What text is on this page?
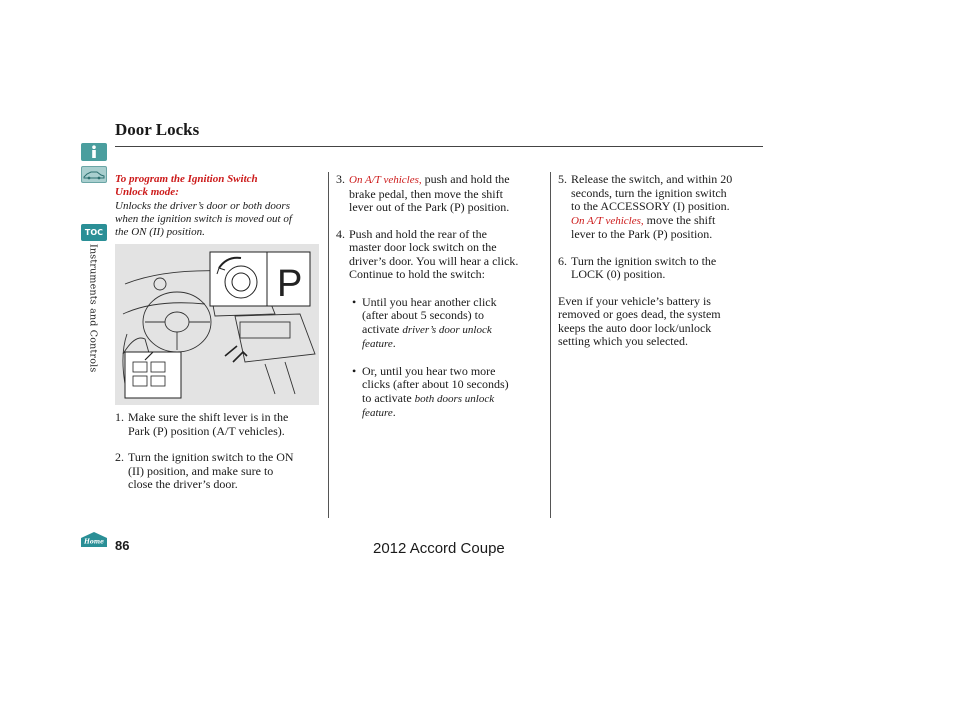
Door Locks
TOC
Instruments and Controls
To program the Ignition Switch
Unlock mode:
Unlocks the driver’s door or both doors
when the ignition switch is moved out of
the ON (II) position.
P
1. Make sure the shift lever is in the
Park (P) position (A/T vehicles).
2. Turn the ignition switch to the ON
(II) position, and make sure to
close the driver’s door.
3. On A/T vehicles, push and hold the
brake pedal, then move the shift
lever out of the Park (P) position.
4. Push and hold the rear of the
master door lock switch on the
driver’s door. You will hear a click.
Continue to hold the switch:
• Until you hear another click
(after about 5 seconds) to
activate driver’s door unlock
feature.
• Or, until you hear two more
clicks (after about 10 seconds)
to activate both doors unlock
feature.
5. Release the switch, and within 20
seconds, turn the ignition switch
to the ACCESSORY (I) position.
On A/T vehicles, move the shift
lever to the Park (P) position.
6. Turn the ignition switch to the
LOCK (0) position.
Even if your vehicle’s battery is
removed or goes dead, the system
keeps the auto door lock/unlock
setting which you selected.
Home 86	2012 Accord Coupe
